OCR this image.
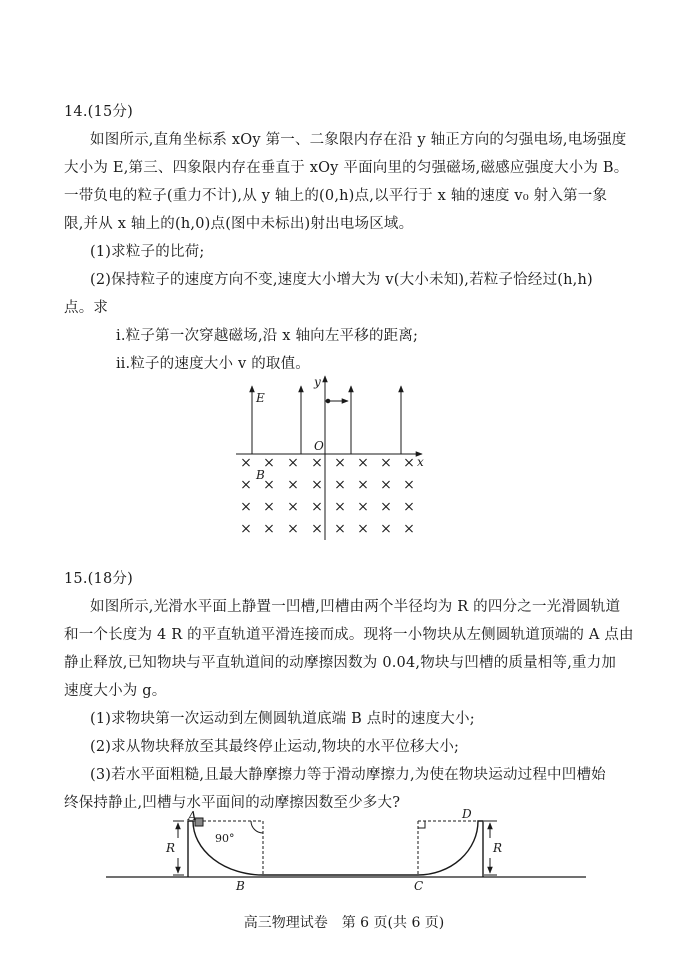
14.(15分)
如图所示,直角坐标系 xOy 第一、二象限内存在沿 y 轴正方向的匀强电场,电场强度
大小为 E,第三、四象限内存在垂直于 xOy 平面向里的匀强磁场,磁感应强度大小为 B。
一带负电的粒子(重力不计),从 y 轴上的(0,h)点,以平行于 x 轴的速度 v₀ 射入第一象
限,并从 x 轴上的(h,0)点(图中未标出)射出电场区域。
(1)求粒子的比荷;
(2)保持粒子的速度方向不变,速度大小增大为 v(大小未知),若粒子恰经过(h,h)
点。求
ⅰ.粒子第一次穿越磁场,沿 x 轴向左平移的距离;
ⅱ.粒子的速度大小 v 的取值。
15.(18分)
如图所示,光滑水平面上静置一凹槽,凹槽由两个半径均为 R 的四分之一光滑圆轨道
和一个长度为 4 R 的平直轨道平滑连接而成。现将一小物块从左侧圆轨道顶端的 A 点由
静止释放,已知物块与平直轨道间的动摩擦因数为 0.04,物块与凹槽的质量相等,重力加
速度大小为 g。
(1)求物块第一次运动到左侧圆轨道底端 B 点时的速度大小;
(2)求从物块释放至其最终停止运动,物块的水平位移大小;
(3)若水平面粗糙,且最大静摩擦力等于滑动摩擦力,为使在物块运动过程中凹槽始
终保持静止,凹槽与水平面间的动摩擦因数至少多大?
E
O
x
y
B
× × × × × × × ×
× × × × × × × ×
× × × × × × × ×
× × × × × × × ×
A
B	C
D
R	R
90°
高三物理试卷　第 6 页(共 6 页)
